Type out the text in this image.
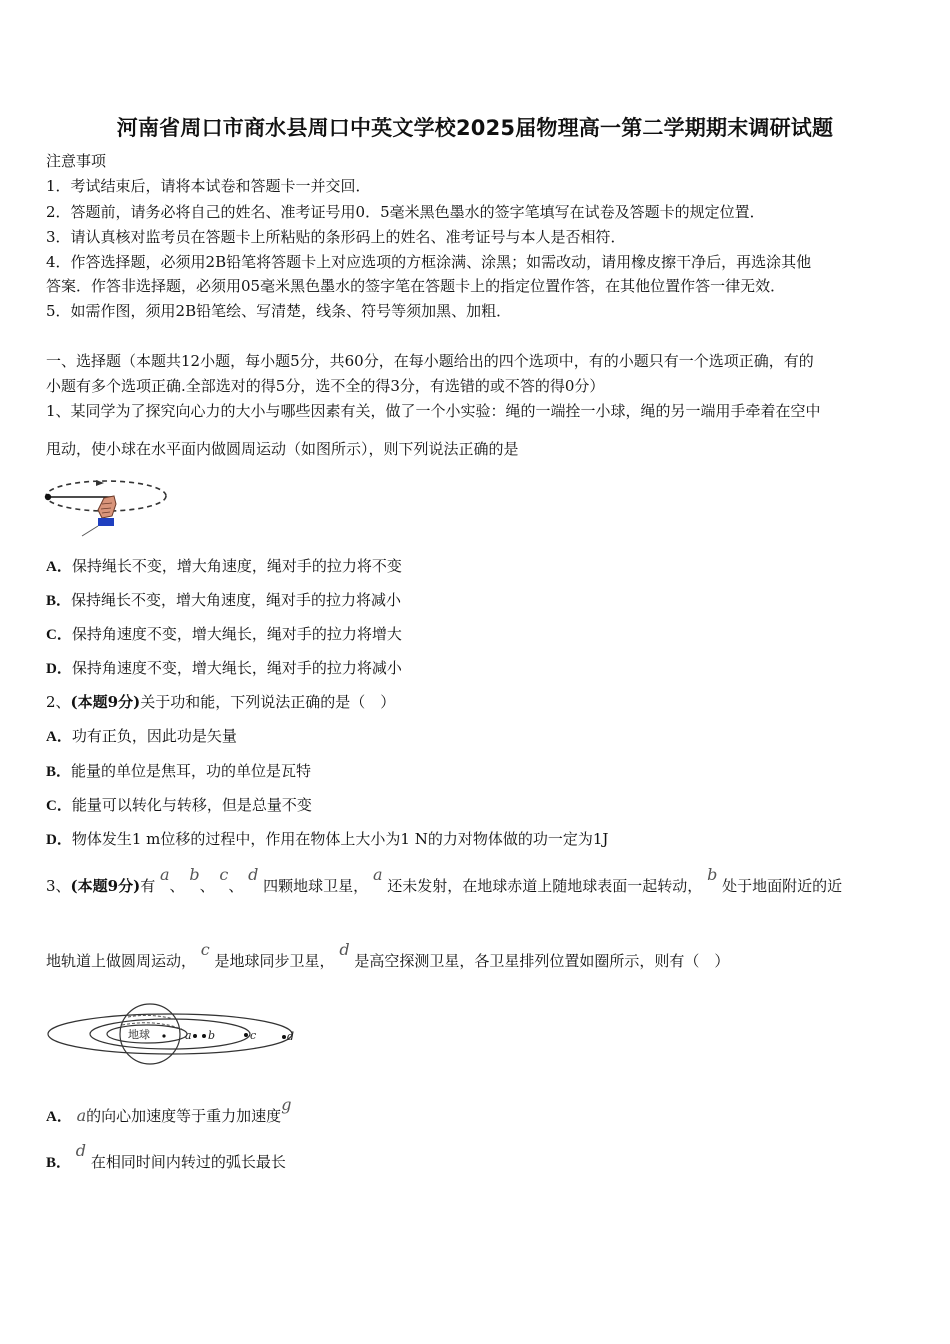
河南省周口市商水县周口中英文学校2025届物理高一第二学期期末调研试题
注意事项
1．考试结束后，请将本试卷和答题卡一并交回．
2．答题前，请务必将自己的姓名、准考证号用0．5毫米黑色墨水的签字笔填写在试卷及答题卡的规定位置．
3．请认真核对监考员在答题卡上所粘贴的条形码上的姓名、准考证号与本人是否相符．
4．作答选择题，必须用2B铅笔将答题卡上对应选项的方框涂满、涂黑；如需改动，请用橡皮擦干净后，再选涂其他
答案．作答非选择题，必须用05毫米黑色墨水的签字笔在答题卡上的指定位置作答，在其他位置作答一律无效．
5．如需作图，须用2B铅笔绘、写清楚，线条、符号等须加黑、加粗．
一、选择题（本题共12小题，每小题5分，共60分，在每小题给出的四个选项中，有的小题只有一个选项正确，有的
小题有多个选项正确.全部选对的得5分，选不全的得3分，有选错的或不答的得0分）
1、某同学为了探究向心力的大小与哪些因素有关，做了一个小实验：绳的一端拴一小球，绳的另一端用手牵着在空中
甩动，使小球在水平面内做圆周运动（如图所示），则下列说法正确的是
A．保持绳长不变，增大角速度，绳对手的拉力将不变
B．保持绳长不变，增大角速度，绳对手的拉力将减小
C．保持角速度不变，增大绳长，绳对手的拉力将增大
D．保持角速度不变，增大绳长，绳对手的拉力将减小
2、(本题9分)关于功和能，下列说法正确的是（　）
A．功有正负，因此功是矢量
B．能量的单位是焦耳，功的单位是瓦特
C．能量可以转化与转移，但是总量不变
D．物体发生1 m位移的过程中，作用在物体上大小为1 N的力对物体做的功一定为1J
3、(本题9分)有 a、 b、 c、 d 四颗地球卫星， a 还未发射，在地球赤道上随地球表面一起转动， b 处于地面附近的近
地轨道上做圆周运动， c 是地球同步卫星， d 是高空探测卫星，各卫星排列位置如圈所示，则有（　）
地球	a b	c	d
A． a的向心加速度等于重力加速度g
B． d 在相同时间内转过的弧长最长
